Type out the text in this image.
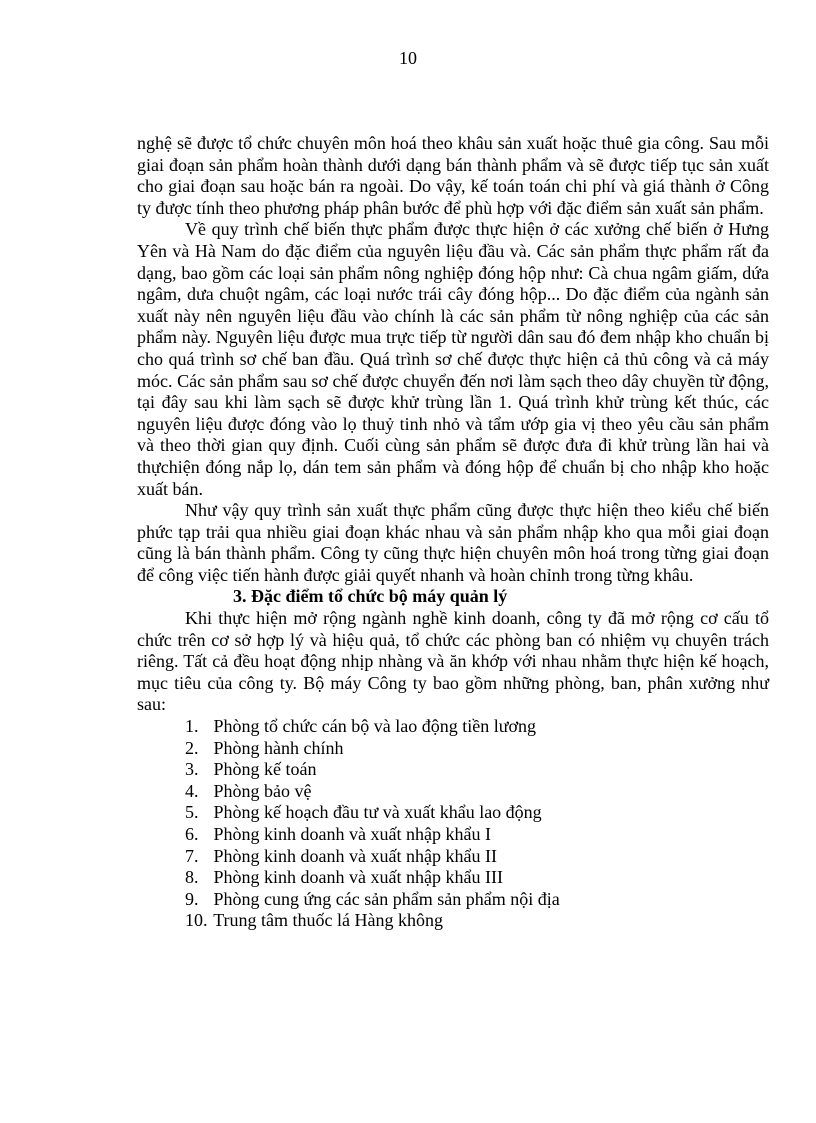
10

nghệ sẽ được tổ chức chuyên môn hoá theo khâu sản xuất hoặc thuê gia công. Sau mỗi giai đoạn sản phẩm hoàn thành dưới dạng bán thành phẩm và sẽ được tiếp tục sản xuất cho giai đoạn sau hoặc bán ra ngoài. Do vậy, kế toán toán chi phí và giá thành ở Công ty được tính theo phương pháp phân bước để phù hợp với đặc điểm sản xuất sản phẩm.

Về quy trình chế biến thực phẩm được thực hiện ở các xưởng chế biến ở Hưng Yên và Hà Nam do đặc điểm của nguyên liệu đầu và. Các sản phẩm thực phẩm rất đa dạng, bao gồm các loại sản phẩm nông nghiệp đóng hộp như: Cà chua ngâm giấm, dứa ngâm, dưa chuột ngâm, các loại nước trái cây đóng hộp... Do đặc điểm của ngành sản xuất này nên nguyên liệu đầu vào chính là các sản phẩm từ nông nghiệp của các sản phẩm này. Nguyên liệu được mua trực tiếp từ người dân sau đó đem nhập kho chuẩn bị cho quá trình sơ chế ban đầu. Quá trình sơ chế được thực hiện cả thủ công và cả máy móc. Các sản phẩm sau sơ chế được chuyển đến nơi làm sạch theo dây chuyền từ động, tại đây sau khi làm sạch sẽ được khử trùng lần 1. Quá trình khử trùng kết thúc, các nguyên liệu được đóng vào lọ thuỷ tinh nhỏ và tẩm ướp gia vị theo yêu cầu sản phẩm và theo thời gian quy định. Cuối cùng sản phẩm sẽ được đưa đi khử trùng lần hai và thựchiện đóng nắp lọ, dán tem sản phẩm và đóng hộp để chuẩn bị cho nhập kho hoặc xuất bán.

Như vậy quy trình sản xuất thực phẩm cũng được thực hiện theo kiểu chế biến phức tạp trải qua nhiều giai đoạn khác nhau và sản phẩm nhập kho qua mỗi giai đoạn cũng là bán thành phẩm. Công ty cũng thực hiện chuyên môn hoá trong từng giai đoạn để công việc tiến hành được giải quyết nhanh và hoàn chỉnh trong từng khâu.

3. Đặc điểm tổ chức bộ máy quản lý

Khi thực hiện mở rộng ngành nghề kinh doanh, công ty đã mở rộng cơ cấu tổ chức trên cơ sở hợp lý và hiệu quả, tổ chức các phòng ban có nhiệm vụ chuyên trách riêng. Tất cả đều hoạt động nhịp nhàng và ăn khớp với nhau nhằm thực hiện kế hoạch, mục tiêu của công ty. Bộ máy Công ty bao gồm những phòng, ban, phân xưởng như sau:

1. Phòng tổ chức cán bộ và lao động tiền lương
2. Phòng hành chính
3. Phòng kế toán
4. Phòng bảo vệ
5. Phòng kế hoạch đầu tư và xuất khẩu lao động
6. Phòng kinh doanh và xuất nhập khẩu I
7. Phòng kinh doanh và xuất nhập khẩu II
8. Phòng kinh doanh và xuất nhập khẩu III
9. Phòng cung ứng các sản phẩm sản phẩm nội địa
10. Trung tâm thuốc lá Hàng không
